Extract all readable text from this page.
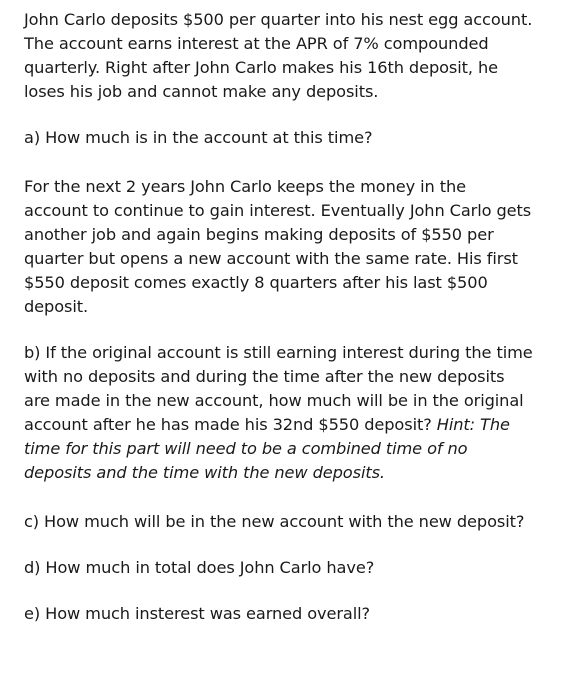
John Carlo deposits $500 per quarter into his nest egg account. The account earns interest at the APR of 7% compounded quarterly. Right after John Carlo makes his 16th deposit, he loses his job and cannot make any deposits.

a) How much is in the account at this time?

For the next 2 years John Carlo keeps the money in the account to continue to gain interest. Eventually John Carlo gets another job and again begins making deposits of $550 per quarter but opens a new account with the same rate. His first $550 deposit comes exactly 8 quarters after his last $500 deposit.

b) If the original account is still earning interest during the time with no deposits and during the time after the new deposits are made in the new account, how much will be in the original account after he has made his 32nd $550 deposit? Hint: The time for this part will need to be a combined time of no deposits and the time with the new deposits.

c) How much will be in the new account with the new deposit?

d) How much in total does John Carlo have?

e) How much insterest was earned overall?
